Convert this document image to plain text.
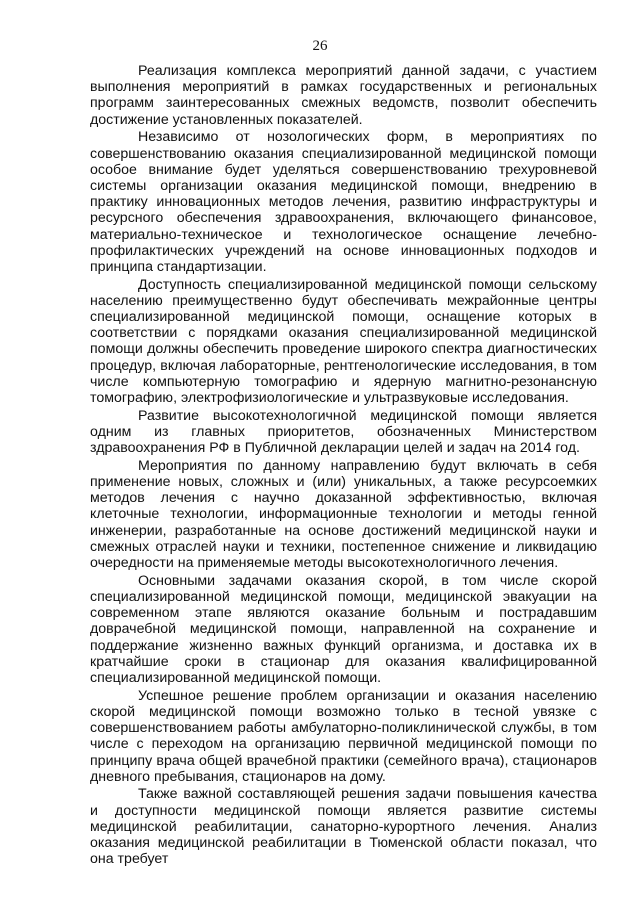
26

Реализация комплекса мероприятий данной задачи, с участием выполнения мероприятий в рамках государственных и региональных программ заинтересованных смежных ведомств, позволит обеспечить достижение установленных показателей.

Независимо от нозологических форм, в мероприятиях по совершенствованию оказания специализированной медицинской помощи особое внимание будет уделяться совершенствованию трехуровневой системы организации оказания медицинской помощи, внедрению в практику инновационных методов лечения, развитию инфраструктуры и ресурсного обеспечения здравоохранения, включающего финансовое, материально-техническое и технологическое оснащение лечебно-профилактических учреждений на основе инновационных подходов и принципа стандартизации.

Доступность специализированной медицинской помощи сельскому населению преимущественно будут обеспечивать межрайонные центры специализированной медицинской помощи, оснащение которых в соответствии с порядками оказания специализированной медицинской помощи должны обеспечить проведение широкого спектра диагностических процедур, включая лабораторные, рентгенологические исследования, в том числе компьютерную томографию и ядерную магнитно-резонансную томографию, электрофизиологические и ультразвуковые исследования.

Развитие высокотехнологичной медицинской помощи является одним из главных приоритетов, обозначенных Министерством здравоохранения РФ в Публичной декларации целей и задач на 2014 год.

Мероприятия по данному направлению будут включать в себя применение новых, сложных и (или) уникальных, а также ресурсоемких методов лечения с научно доказанной эффективностью, включая клеточные технологии, информационные технологии и методы генной инженерии, разработанные на основе достижений медицинской науки и смежных отраслей науки и техники, постепенное снижение и ликвидацию очередности на применяемые методы высокотехнологичного лечения.

Основными задачами оказания скорой, в том числе скорой специализированной медицинской помощи, медицинской эвакуации на современном этапе являются оказание больным и пострадавшим доврачебной медицинской помощи, направленной на сохранение и поддержание жизненно важных функций организма, и доставка их в кратчайшие сроки в стационар для оказания квалифицированной специализированной медицинской помощи.

Успешное решение проблем организации и оказания населению скорой медицинской помощи возможно только в тесной увязке с совершенствованием работы амбулаторно-поликлинической службы, в том числе с переходом на организацию первичной медицинской помощи по принципу врача общей врачебной практики (семейного врача), стационаров дневного пребывания, стационаров на дому.

Также важной составляющей решения задачи повышения качества и доступности медицинской помощи является развитие системы медицинской реабилитации, санаторно-курортного лечения. Анализ оказания медицинской реабилитации в Тюменской области показал, что она требует
